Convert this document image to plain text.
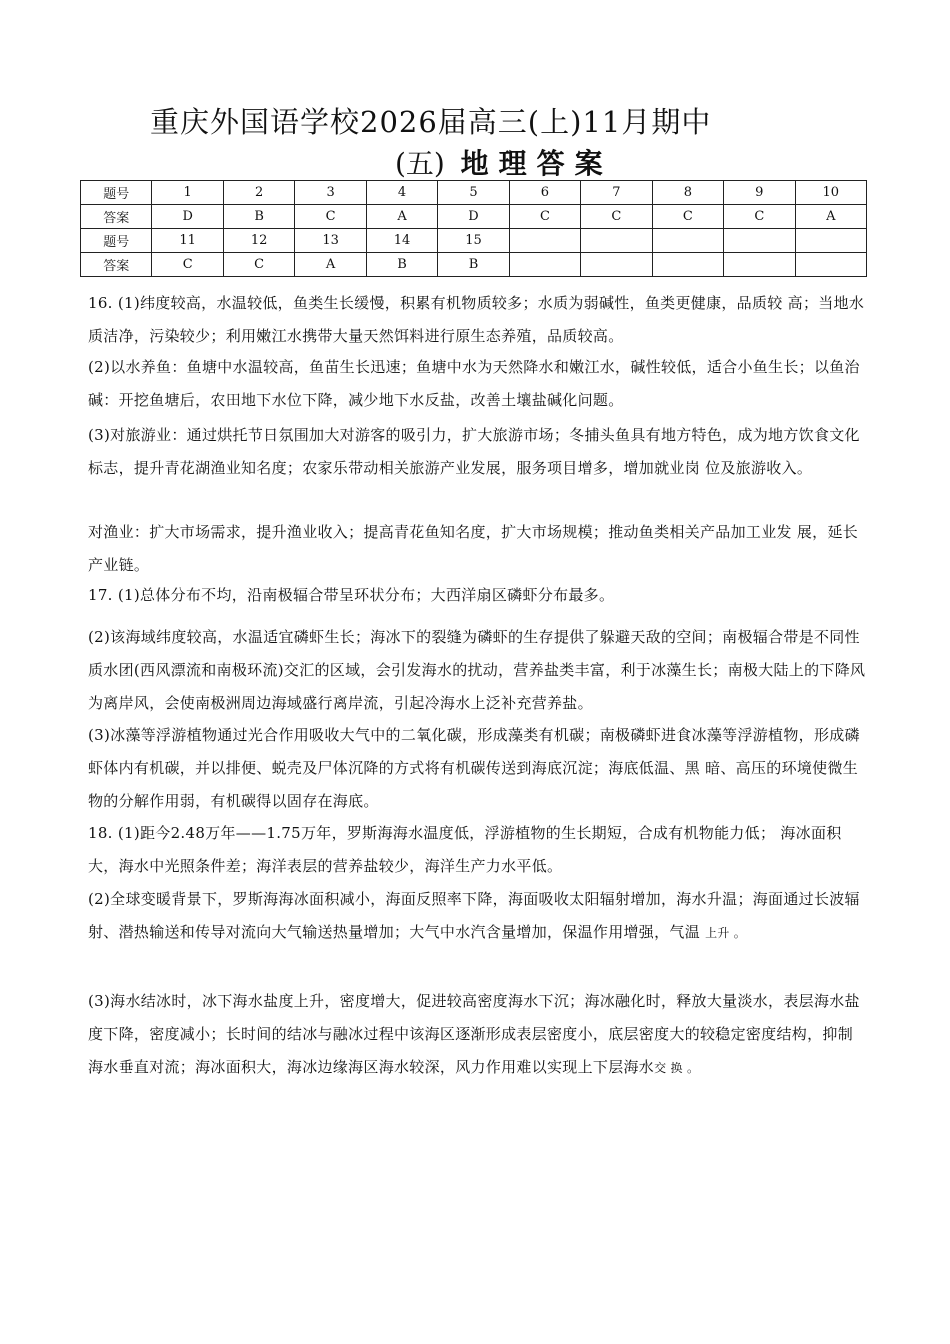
重庆外国语学校2026届高三(上)11月期中
(五) 地理答案
题号	1	2	3	4	5	6	7	8	9	10
答案	D	B	C	A	D	C	C	C	C	A
题号	11	12	13	14	15					
答案	C	C	A	B	B					

16. (1)纬度较高，水温较低，鱼类生长缓慢，积累有机物质较多；水质为弱碱性，鱼类更健康，品质较 高；当地水质洁净，污染较少；利用嫩江水携带大量天然饵料进行原生态养殖，品质较高。

(2)以水养鱼：鱼塘中水温较高，鱼苗生长迅速；鱼塘中水为天然降水和嫩江水，碱性较低，适合小鱼生长；以鱼治碱：开挖鱼塘后，农田地下水位下降，减少地下水反盐，改善土壤盐碱化问题。

(3)对旅游业：通过烘托节日氛围加大对游客的吸引力，扩大旅游市场；冬捕头鱼具有地方特色，成为地方饮食文化标志，提升青花湖渔业知名度；农家乐带动相关旅游产业发展，服务项目增多，增加就业岗 位及旅游收入。

对渔业：扩大市场需求，提升渔业收入；提高青花鱼知名度，扩大市场规模；推动鱼类相关产品加工业发 展，延长产业链。

17. (1)总体分布不均，沿南极辐合带呈环状分布；大西洋扇区磷虾分布最多。

(2)该海域纬度较高，水温适宜磷虾生长；海冰下的裂缝为磷虾的生存提供了躲避天敌的空间；南极辐合带是不同性质水团(西风漂流和南极环流)交汇的区域，会引发海水的扰动，营养盐类丰富，利于冰藻生长；南极大陆上的下降风为离岸风，会使南极洲周边海域盛行离岸流，引起冷海水上泛补充营养盐。

(3)冰藻等浮游植物通过光合作用吸收大气中的二氧化碳，形成藻类有机碳；南极磷虾进食冰藻等浮游植物，形成磷虾体内有机碳，并以排便、蜕壳及尸体沉降的方式将有机碳传送到海底沉淀；海底低温、黑 暗、高压的环境使微生物的分解作用弱，有机碳得以固存在海底。

18. (1)距今2.48万年——1.75万年，罗斯海海水温度低，浮游植物的生长期短，合成有机物能力低； 海冰面积大，海水中光照条件差；海洋表层的营养盐较少，海洋生产力水平低。

(2)全球变暖背景下，罗斯海海冰面积减小，海面反照率下降，海面吸收太阳辐射增加，海水升温；海面通过长波辐射、潜热输送和传导对流向大气输送热量增加；大气中水汽含量增加，保温作用增强，气温 上升 。

(3)海水结冰时，冰下海水盐度上升，密度增大，促进较高密度海水下沉；海冰融化时，释放大量淡水，表层海水盐度下降，密度减小；长时间的结冰与融冰过程中该海区逐渐形成表层密度小，底层密度大的较稳定密度结构，抑制海水垂直对流；海冰面积大，海冰边缘海区海水较深，风力作用难以实现上下层海水交 换 。
